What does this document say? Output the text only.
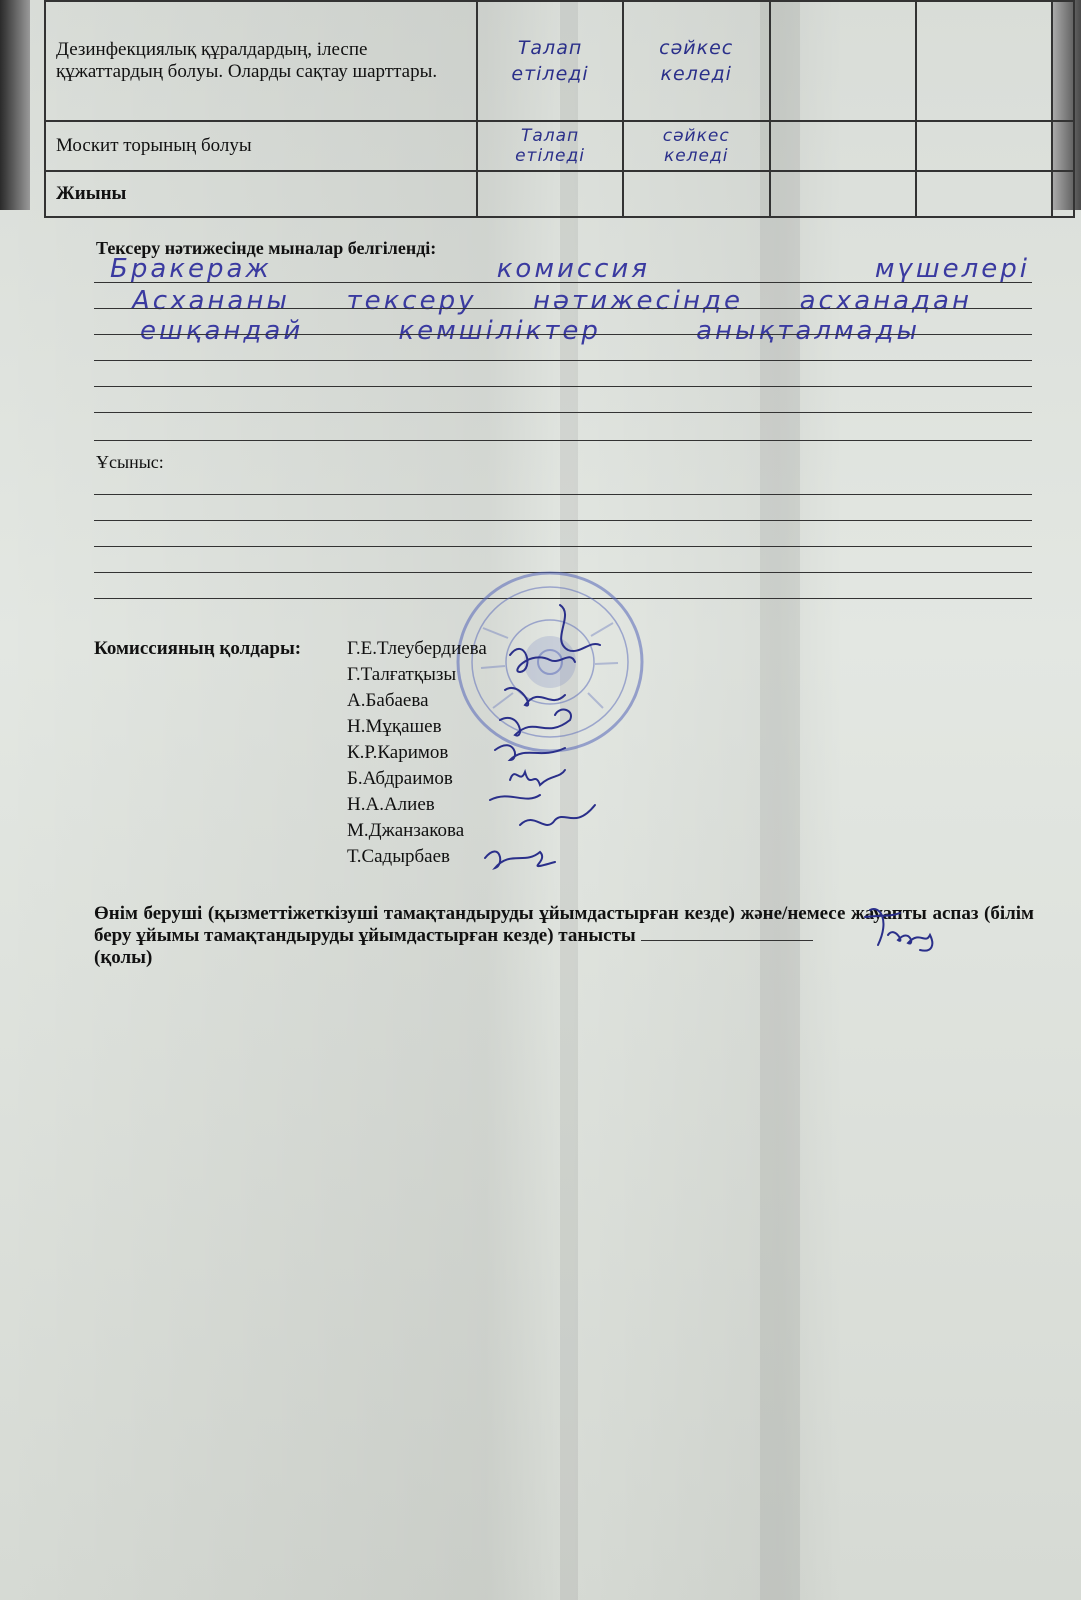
Дезинфекциялық құралдардың, ілеспе құжаттардың болуы. Оларды сақтау шарттары.	Талап етіледі	сәйкес келеді			
Москит торының болуы	Талап етіледі	сәйкес келеді			
Жиыны					
Тексеру нәтижесінде мыналар белгіленді:
Бракераж	комиссия	мүшелері
Асхананы тексеру нәтижесінде асханадан
ешқандай	кемшіліктер	анықталмады
Ұсыныс:
Комиссияның қолдары: Г.Е.Тлеубердиева
Г.Талғатқызы
А.Бабаева
Н.Мұқашев
К.Р.Каримов
Б.Абдраимов
Н.А.Алиев
М.Джанзакова
Т.Садырбаев
Өнім беруші (қызметтіжеткізуші тамақтандыруды ұйымдастырған кезде) және/немесе жауапты аспаз (білім беру ұйымы тамақтандыруды ұйымдастырған кезде) танысты
(қолы)
